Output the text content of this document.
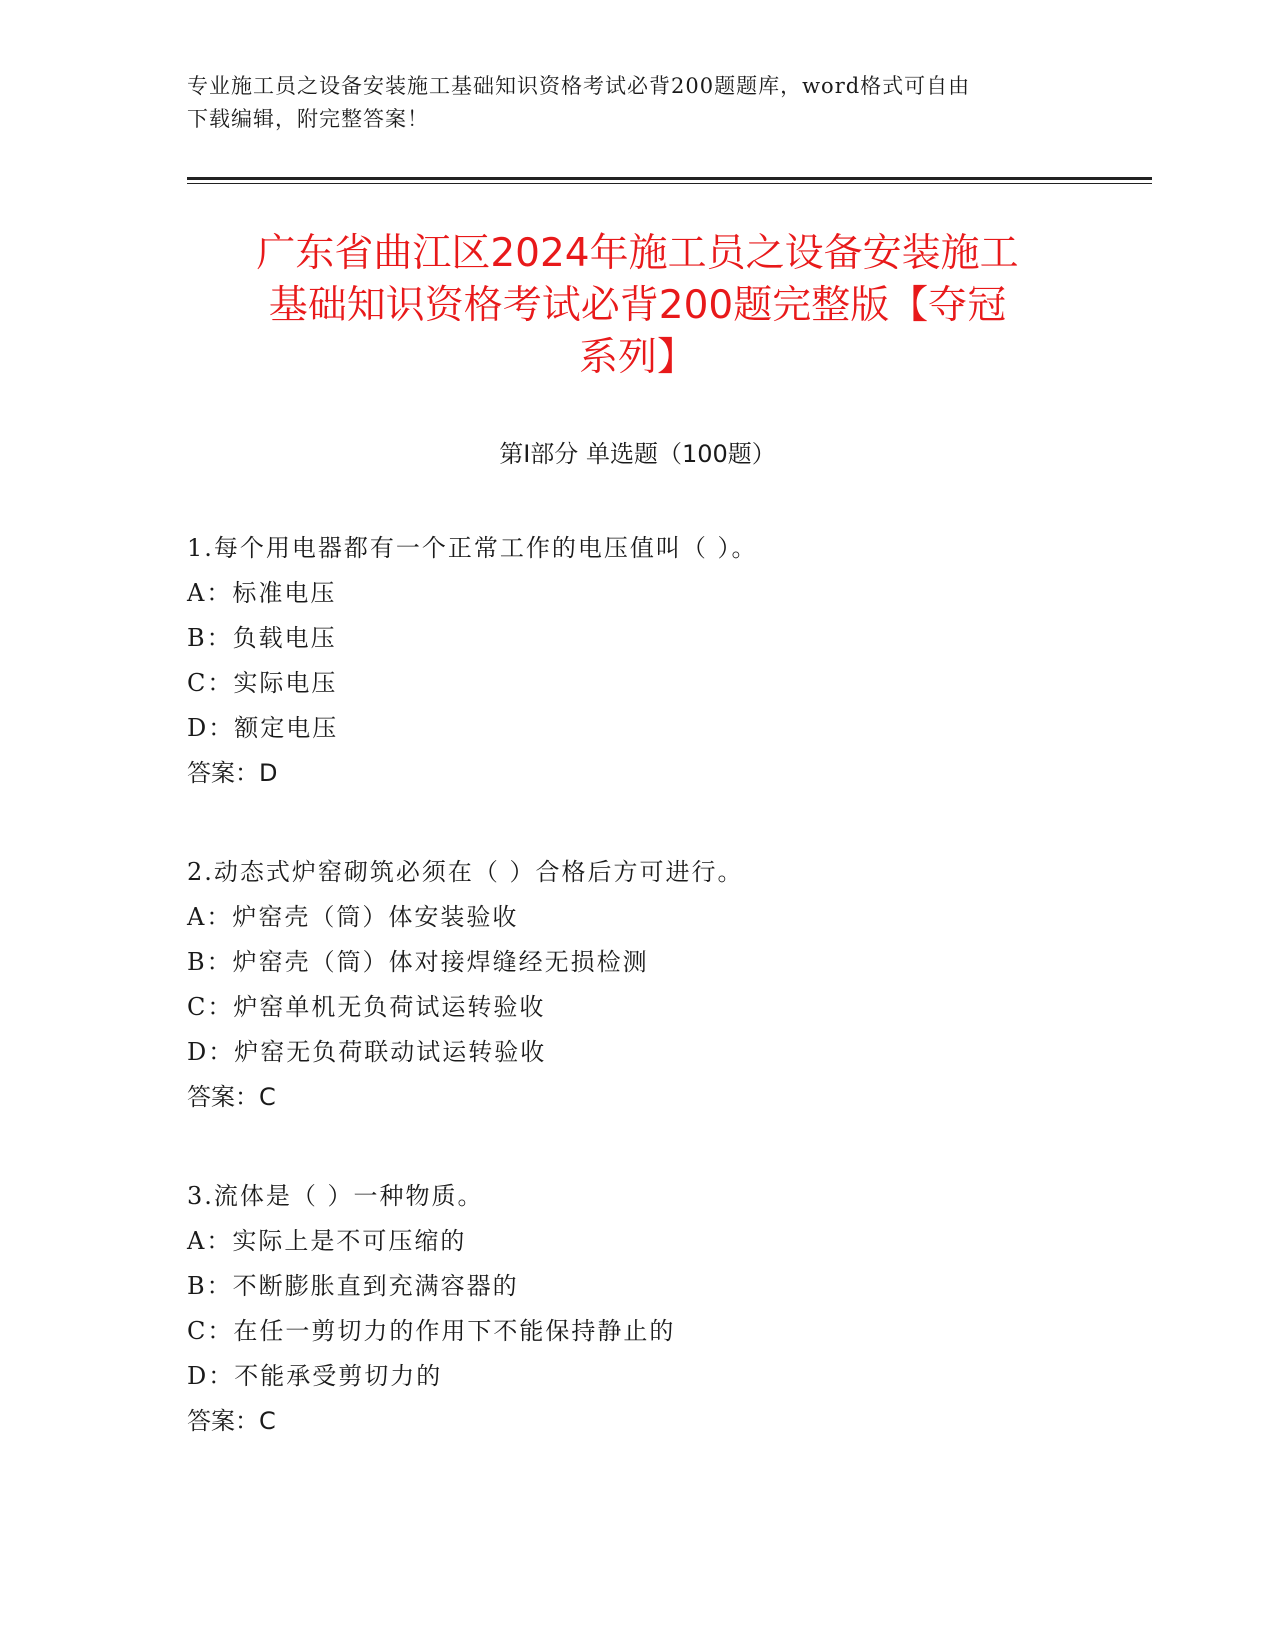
专业施工员之设备安装施工基础知识资格考试必背200题题库，word格式可自由
下载编辑，附完整答案！
广东省曲江区2024年施工员之设备安装施工
基础知识资格考试必背200题完整版【夺冠
系列】
第I部分 单选题（100题）
1.每个用电器都有一个正常工作的电压值叫（ ）。
A：标准电压
B：负载电压
C：实际电压
D：额定电压
答案：D
2.动态式炉窑砌筑必须在（ ）合格后方可进行。
A：炉窑壳（筒）体安装验收
B：炉窑壳（筒）体对接焊缝经无损检测
C：炉窑单机无负荷试运转验收
D：炉窑无负荷联动试运转验收
答案：C
3.流体是（ ）一种物质。
A：实际上是不可压缩的
B：不断膨胀直到充满容器的
C：在任一剪切力的作用下不能保持静止的
D：不能承受剪切力的
答案：C
